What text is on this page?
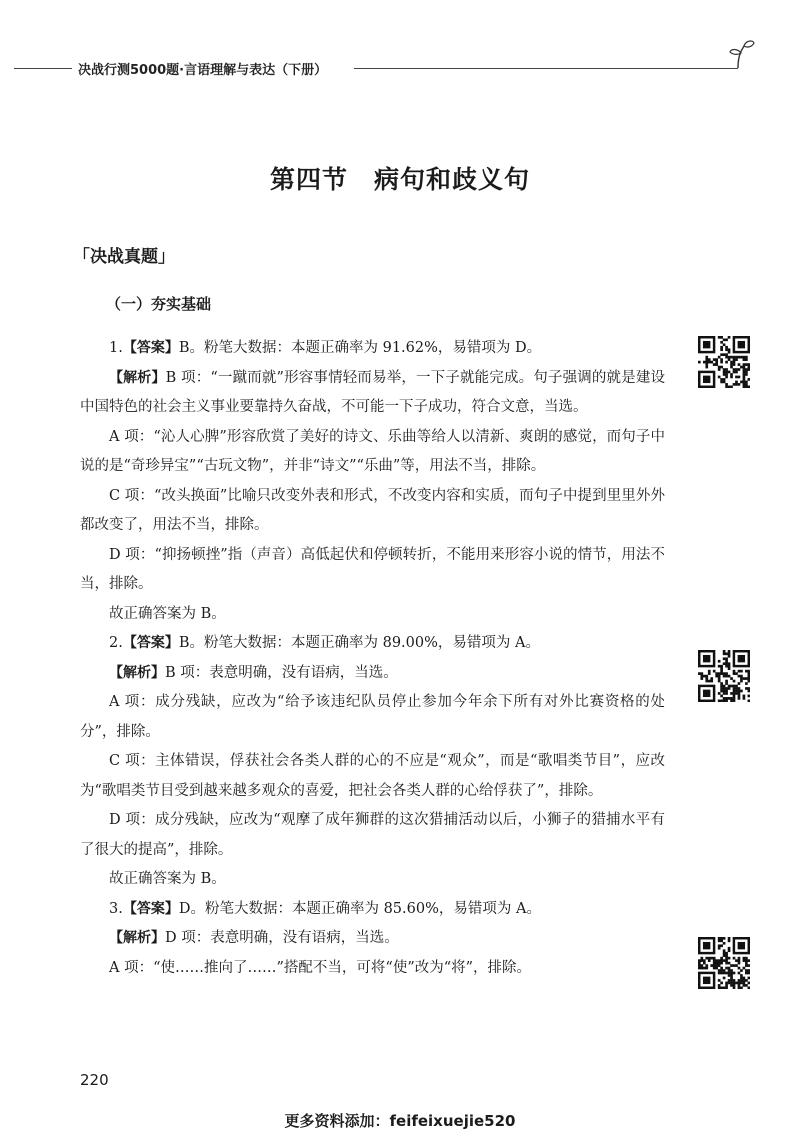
决战行测5000题·言语理解与表达（下册）
第四节　病句和歧义句
「决战真题」
（一）夯实基础

1.【答案】B。粉笔大数据：本题正确率为 91.62%，易错项为 D。

【解析】B 项：“一蹴而就”形容事情轻而易举，一下子就能完成。句子强调的就是建设中国特色的社会主义事业要靠持久奋战，不可能一下子成功，符合文意，当选。

A 项：“沁人心脾”形容欣赏了美好的诗文、乐曲等给人以清新、爽朗的感觉，而句子中说的是“奇珍异宝”“古玩文物”，并非“诗文”“乐曲”等，用法不当，排除。

C 项：“改头换面”比喻只改变外表和形式，不改变内容和实质，而句子中提到里里外外都改变了，用法不当，排除。

D 项：“抑扬顿挫”指（声音）高低起伏和停顿转折，不能用来形容小说的情节，用法不当，排除。

故正确答案为 B。

2.【答案】B。粉笔大数据：本题正确率为 89.00%，易错项为 A。

【解析】B 项：表意明确，没有语病，当选。

A 项：成分残缺，应改为“给予该违纪队员停止参加今年余下所有对外比赛资格的处分”，排除。

C 项：主体错误，俘获社会各类人群的心的不应是“观众”，而是“歌唱类节目”，应改为“歌唱类节目受到越来越多观众的喜爱，把社会各类人群的心给俘获了”，排除。

D 项：成分残缺，应改为“观摩了成年狮群的这次猎捕活动以后，小狮子的猎捕水平有了很大的提高”，排除。

故正确答案为 B。

3.【答案】D。粉笔大数据：本题正确率为 85.60%，易错项为 A。

【解析】D 项：表意明确，没有语病，当选。

A 项：“使……推向了……”搭配不当，可将“使”改为“将”，排除。

220
更多资料添加：feifeixuejie520
